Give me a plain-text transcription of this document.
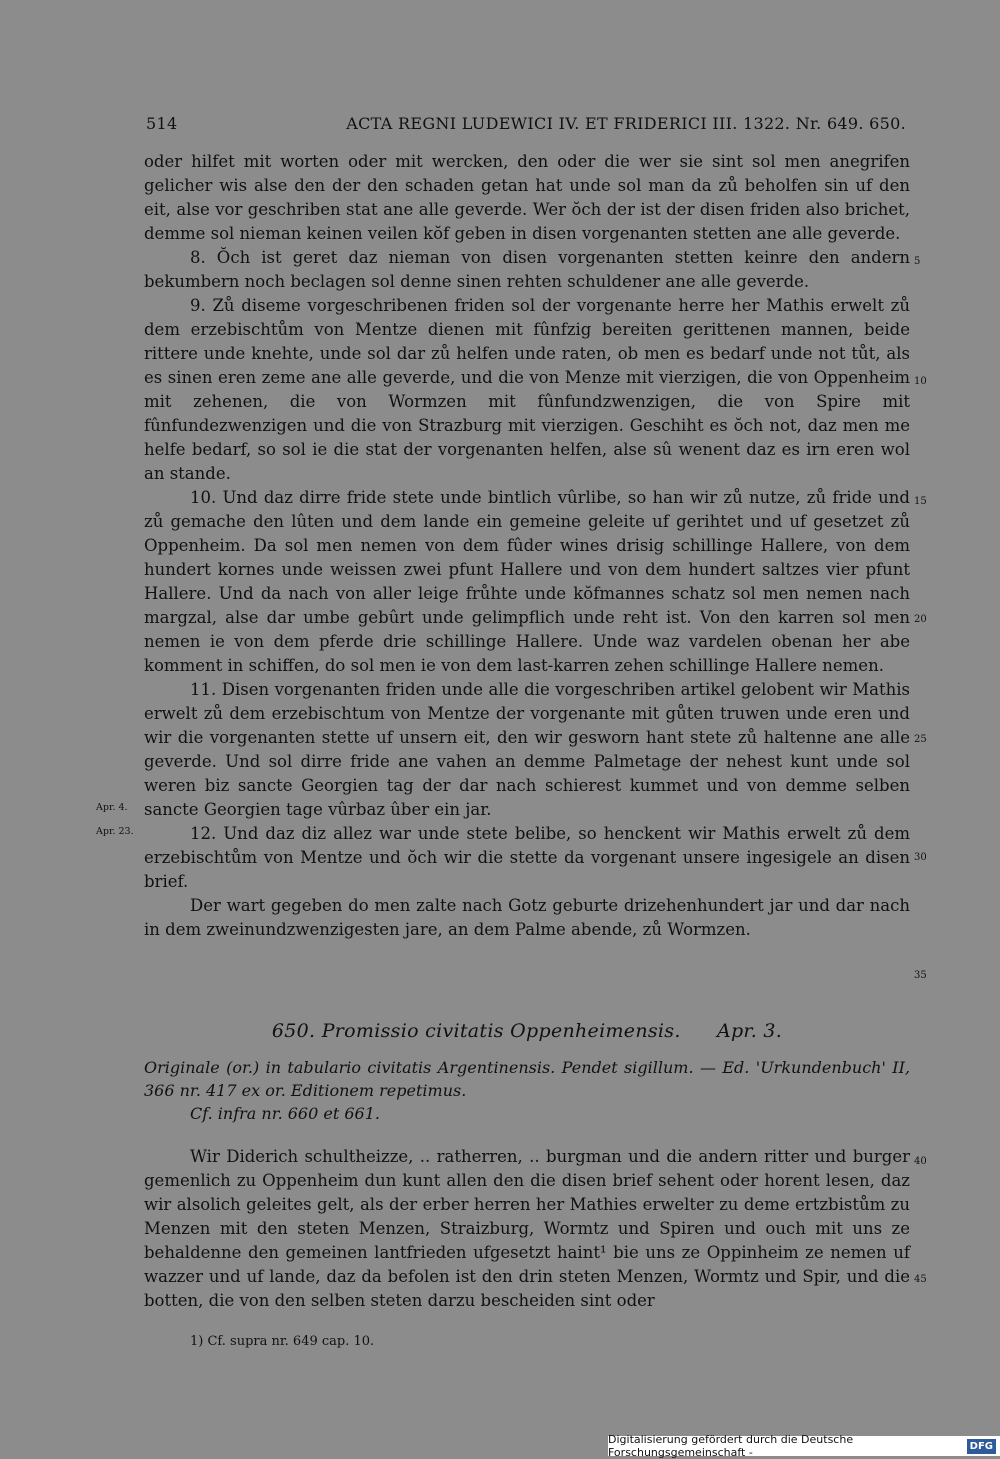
514	ACTA REGNI LUDEWICI IV. ET FRIDERICI III. 1322. Nr. 649. 650.

oder hilfet mit worten oder mit wercken, den oder die wer sie sint sol men anegrifen gelicher wis alse den der den schaden getan hat unde sol man da zů beholfen sin uf den eit, alse vor geschriben stat ane alle geverde. Wer ŏch der ist der disen friden also brichet, demme sol nieman keinen veilen kŏf geben in disen vorgenanten stetten ane alle geverde.

8. Ŏch ist geret daz nieman von disen vorgenanten stetten keinre den andern bekumbern noch beclagen sol denne sinen rehten schuldener ane alle geverde.

9. Zů diseme vorgeschribenen friden sol der vorgenante herre her Mathis erwelt zů dem erzebischtům von Mentze dienen mit fûnfzig bereiten gerittenen mannen, beide rittere unde knehte, unde sol dar zů helfen unde raten, ob men es bedarf unde not tůt, als es sinen eren zeme ane alle geverde, und die von Menze mit vierzigen, die von Oppenheim mit zehenen, die von Wormzen mit fûnfundzwenzigen, die von Spire mit fûnfundezwenzigen und die von Strazburg mit vierzigen. Geschiht es ŏch not, daz men me helfe bedarf, so sol ie die stat der vorgenanten helfen, alse sû wenent daz es irn eren wol an stande.

10. Und daz dirre fride stete unde bintlich vûrlibe, so han wir zů nutze, zů fride und zů gemache den lûten und dem lande ein gemeine geleite uf gerihtet und uf gesetzet zů Oppenheim. Da sol men nemen von dem fûder wines drisig schillinge Hallere, von dem hundert kornes unde weissen zwei pfunt Hallere und von dem hundert saltzes vier pfunt Hallere. Und da nach von aller leige frůhte unde kŏfmannes schatz sol men nemen nach margzal, alse dar umbe gebûrt unde gelimpflich unde reht ist. Von den karren sol men nemen ie von dem pferde drie schillinge Hallere. Unde waz vardelen obenan her abe komment in schiffen, do sol men ie von dem last-karren zehen schillinge Hallere nemen.

11. Disen vorgenanten friden unde alle die vorgeschriben artikel gelobent wir Mathis erwelt zů dem erzebischtum von Mentze der vorgenante mit gůten truwen unde eren und wir die vorgenanten stette uf unsern eit, den wir gesworn hant stete zů haltenne ane alle geverde. Und sol dirre fride ane vahen an demme Palmetage der nehest kunt unde sol weren biz sancte Georgien tag der dar nach schierest kummet und von demme selben sancte Georgien tage vûrbaz ûber ein jar.

12. Und daz diz allez war unde stete belibe, so henckent wir Mathis erwelt zů dem erzebischtům von Mentze und ŏch wir die stette da vorgenant unsere ingesigele an disen brief.

Der wart gegeben do men zalte nach Gotz geburte drizehenhundert jar und dar nach in dem zweinundzwenzigesten jare, an dem Palme abende, zů Wormzen.

5
10
15
20
25
30
35
40
45
Apr. 4.
Apr. 23.
650. Promissio civitatis Oppenheimensis. Apr. 3.

Originale (or.) in tabulario civitatis Argentinensis. Pendet sigillum. — Ed. 'Urkundenbuch' II, 366 nr. 417 ex or. Editionem repetimus.

Cf. infra nr. 660 et 661.

Wir Diderich schultheizze, .. ratherren, .. burgman und die andern ritter und burger gemenlich zu Oppenheim dun kunt allen den die disen brief sehent oder horent lesen, daz wir alsolich geleites gelt, als der erber herren her Mathies erwelter zu deme ertzbistům zu Menzen mit den steten Menzen, Straizburg, Wormtz und Spiren und ouch mit uns ze behaldenne den gemeinen lantfrieden ufgesetzt haint¹ bie uns ze Oppinheim ze nemen uf wazzer und uf lande, daz da befolen ist den drin steten Menzen, Wormtz und Spir, und die botten, die von den selben steten darzu bescheiden sint oder

1) Cf. supra nr. 649 cap. 10.
Digitalisierung gefördert durch die Deutsche Forschungsgemeinschaft -	DFG
